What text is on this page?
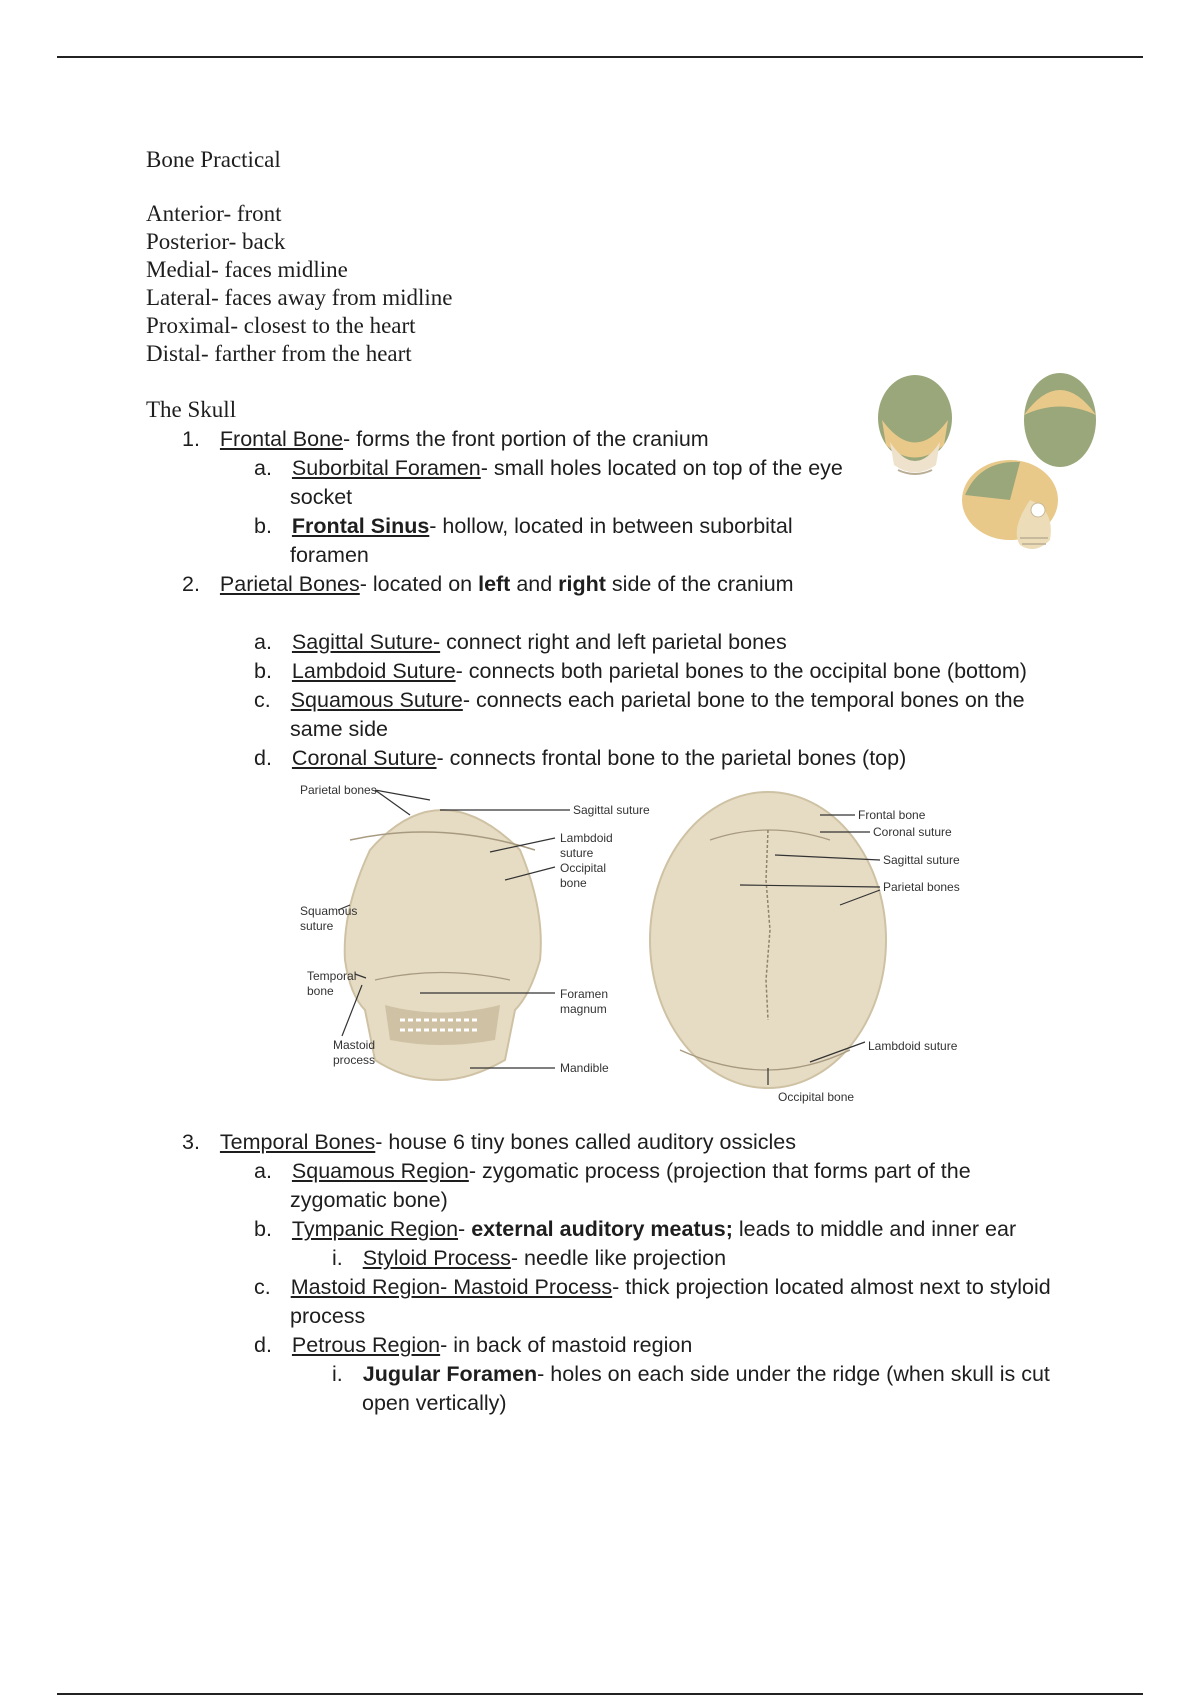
Bone Practical
Anterior- front
Posterior- back
Medial- faces midline
Lateral- faces away from midline
Proximal- closest to the heart
Distal- farther from the heart
The Skull
1. Frontal Bone- forms the front portion of the cranium
a. Suborbital Foramen- small holes located on top of the eye
socket
b. Frontal Sinus- hollow, located in between suborbital
foramen
2. Parietal Bones- located on left and right side of the cranium
a. Sagittal Suture- connect right and left parietal bones
b. Lambdoid Suture- connects both parietal bones to the occipital bone (bottom)
c. Squamous Suture- connects each parietal bone to the temporal bones on the
same side
d. Coronal Suture- connects frontal bone to the parietal bones (top)
Parietal bones
Sagittal suture
Lambdoid
suture
Occipital
bone
Squamous
suture
Temporal
bone	Foramen
magnum
Mastoid
process
Mandible
Frontal bone
Coronal suture
Sagittal suture
Parietal bones
Lambdoid suture
Occipital bone
3. Temporal Bones- house 6 tiny bones called auditory ossicles
a. Squamous Region- zygomatic process (projection that forms part of the
zygomatic bone)
b. Tympanic Region- external auditory meatus; leads to middle and inner ear
i. Styloid Process- needle like projection
c. Mastoid Region- Mastoid Process- thick projection located almost next to styloid
process
d. Petrous Region- in back of mastoid region
i. Jugular Foramen- holes on each side under the ridge (when skull is cut
open vertically)
